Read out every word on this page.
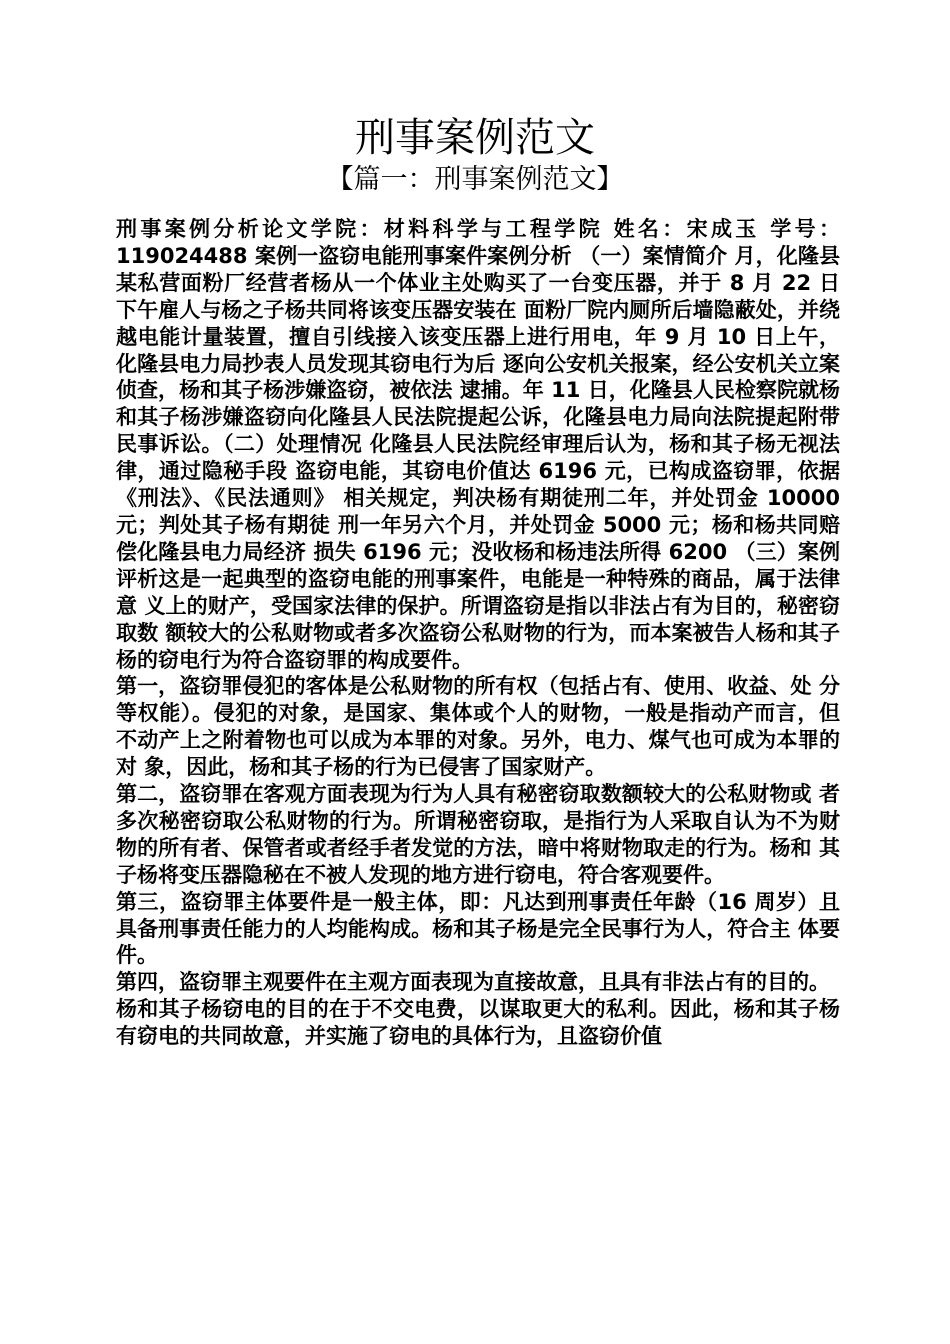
刑事案例范文
【篇一：刑事案例范文】

刑事案例分析论文学院：材料科学与工程学院 姓名：宋成玉 学号：119024488 案例一盗窃电能刑事案件案例分析 （一）案情简介 月，化隆县某私营面粉厂经营者杨从一个体业主处购买了一台变压器，并于 8 月 22 日下午雇人与杨之子杨共同将该变压器安装在 面粉厂院内厕所后墙隐蔽处，并绕越电能计量装置，擅自引线接入该变压器上进行用电，年 9 月 10 日上午，化隆县电力局抄表人员发现其窃电行为后 逐向公安机关报案，经公安机关立案侦查，杨和其子杨涉嫌盗窃，被依法 逮捕。年 11 日，化隆县人民检察院就杨和其子杨涉嫌盗窃向化隆县人民法院提起公诉，化隆县电力局向法院提起附带民事诉讼。（二）处理情况 化隆县人民法院经审理后认为，杨和其子杨无视法律，通过隐秘手段 盗窃电能，其窃电价值达 6196 元，已构成盗窃罪，依据《刑法》、《民法通则》 相关规定，判决杨有期徒刑二年，并处罚金 10000 元；判处其子杨有期徒 刑一年另六个月，并处罚金 5000 元；杨和杨共同赔偿化隆县电力局经济 损失 6196 元；没收杨和杨违法所得 6200 （三）案例评析这是一起典型的盗窃电能的刑事案件，电能是一种特殊的商品，属于法律意 义上的财产，受国家法律的保护。所谓盗窃是指以非法占有为目的，秘密窃取数 额较大的公私财物或者多次盗窃公私财物的行为，而本案被告人杨和其子杨的窃电行为符合盗窃罪的构成要件。

第一，盗窃罪侵犯的客体是公私财物的所有权（包括占有、使用、收益、处 分等权能）。侵犯的对象，是国家、集体或个人的财物，一般是指动产而言，但不动产上之附着物也可以成为本罪的对象。另外，电力、煤气也可成为本罪的对 象，因此，杨和其子杨的行为已侵害了国家财产。

第二，盗窃罪在客观方面表现为行为人具有秘密窃取数额较大的公私财物或 者多次秘密窃取公私财物的行为。所谓秘密窃取，是指行为人采取自认为不为财 物的所有者、保管者或者经手者发觉的方法，暗中将财物取走的行为。杨和 其子杨将变压器隐秘在不被人发现的地方进行窃电，符合客观要件。

第三，盗窃罪主体要件是一般主体，即：凡达到刑事责任年龄（16 周岁）且 具备刑事责任能力的人均能构成。杨和其子杨是完全民事行为人，符合主 体要件。

第四，盗窃罪主观要件在主观方面表现为直接故意，且具有非法占有的目的。

杨和其子杨窃电的目的在于不交电费，以谋取更大的私利。因此，杨和其子杨有窃电的共同故意，并实施了窃电的具体行为，且盗窃价值
